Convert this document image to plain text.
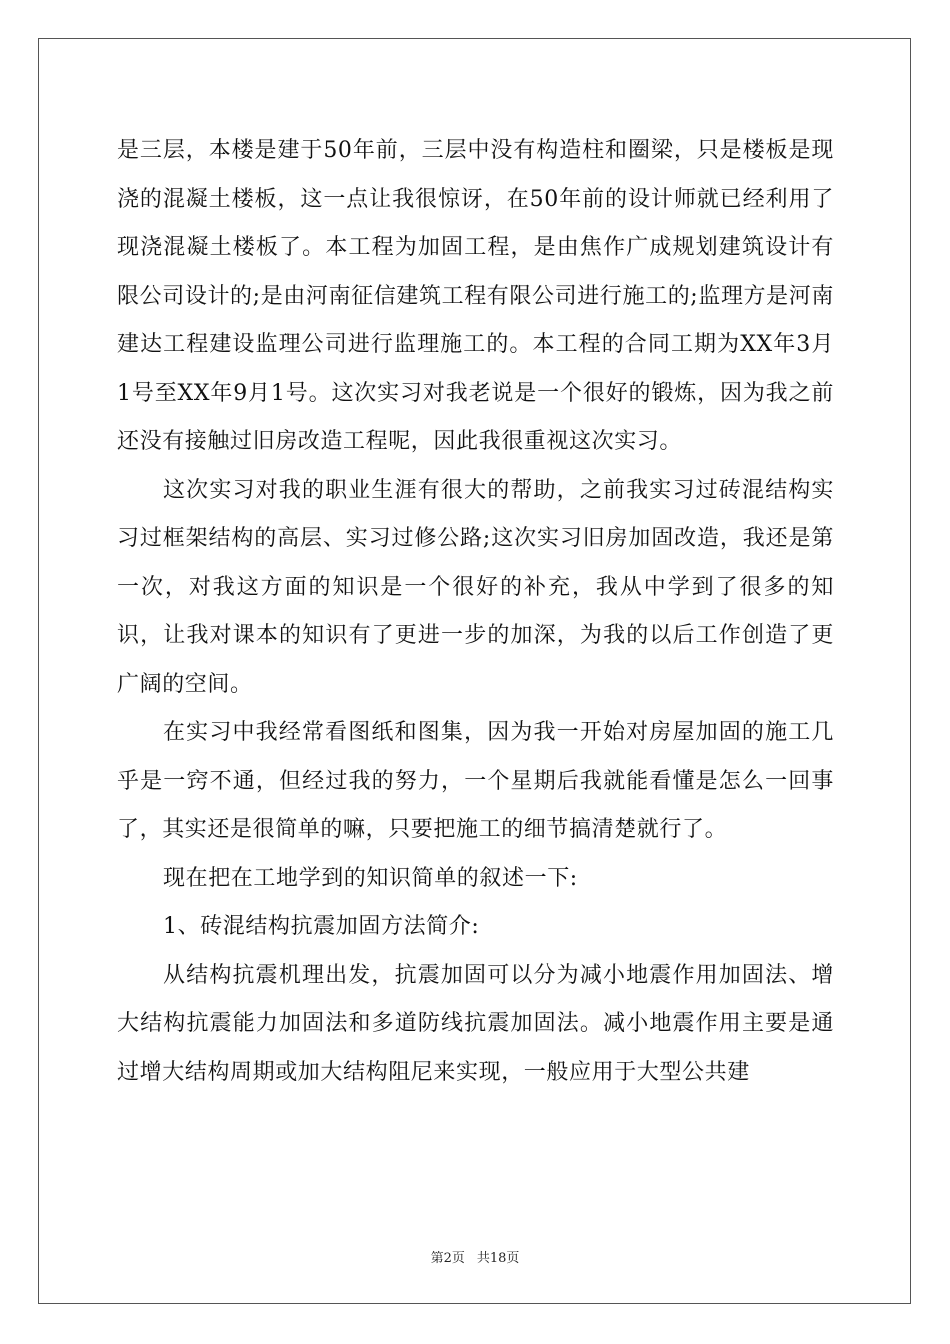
是三层，本楼是建于50年前，三层中没有构造柱和圈梁，只是楼板是现浇的混凝土楼板，这一点让我很惊讶，在50年前的设计师就已经利用了现浇混凝土楼板了。本工程为加固工程，是由焦作广成规划建筑设计有限公司设计的;是由河南征信建筑工程有限公司进行施工的;监理方是河南建达工程建设监理公司进行监理施工的。本工程的合同工期为XX年3月1号至XX年9月1号。这次实习对我老说是一个很好的锻炼，因为我之前还没有接触过旧房改造工程呢，因此我很重视这次实习。

这次实习对我的职业生涯有很大的帮助，之前我实习过砖混结构实习过框架结构的高层、实习过修公路;这次实习旧房加固改造，我还是第一次，对我这方面的知识是一个很好的补充，我从中学到了很多的知识，让我对课本的知识有了更进一步的加深，为我的以后工作创造了更广阔的空间。

在实习中我经常看图纸和图集，因为我一开始对房屋加固的施工几乎是一窍不通，但经过我的努力，一个星期后我就能看懂是怎么一回事了，其实还是很简单的嘛，只要把施工的细节搞清楚就行了。

现在把在工地学到的知识简单的叙述一下:

1、砖混结构抗震加固方法简介:

从结构抗震机理出发，抗震加固可以分为减小地震作用加固法、增大结构抗震能力加固法和多道防线抗震加固法。减小地震作用主要是通过增大结构周期或加大结构阻尼来实现，一般应用于大型公共建

第2页 共18页
